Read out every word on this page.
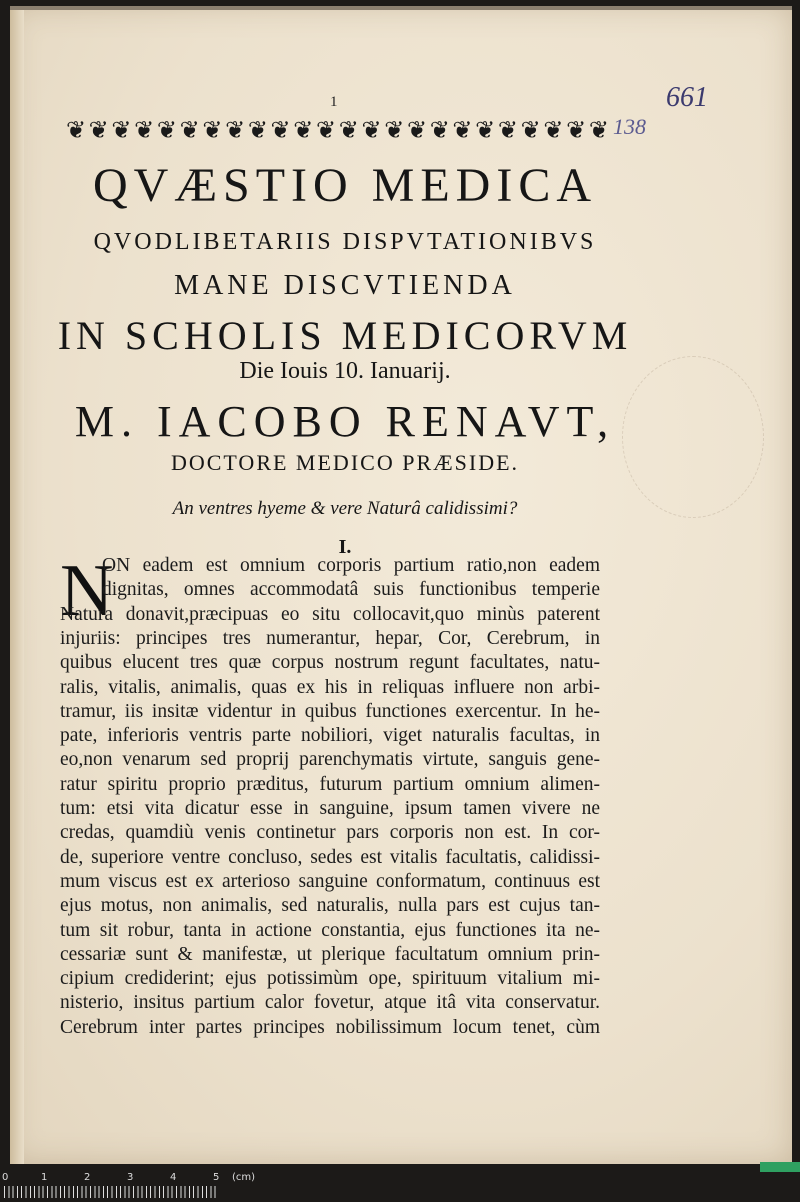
1	661
138
❦ ❦ ❦ ❦ ❦ ❦ ❦ ❦ ❦ ❦ ❦ ❦ ❦ ❦ ❦ ❦ ❦ ❦ ❦ ❦ ❦ ❦ ❦ ❦
QVÆSTIO MEDICA
QVODLIBETARIIS DISPVTATIONIBVS
MANE DISCVTIENDA
IN SCHOLIS MEDICORVM
Die Iouis 10. Ianuarij.
M. IACOBO RENAVT,
DOCTORE MEDICO PRÆSIDE.
An ventres hyeme & vere Naturâ calidissimi?
I.
N
ON eadem est omnium corporis partium ratio,non eadem
dignitas, omnes accommodatâ suis functionibus temperie
Natura donavit,præcipuas eo situ collocavit,quo minùs paterent
injuriis: principes tres numerantur, hepar, Cor, Cerebrum, in
quibus elucent tres quæ corpus nostrum regunt facultates, natu-
ralis, vitalis, animalis, quas ex his in reliquas influere non arbi-
tramur, iis insitæ videntur in quibus functiones exercentur. In he-
pate, inferioris ventris parte nobiliori, viget naturalis facultas, in
eo,non venarum sed proprij parenchymatis virtute, sanguis gene-
ratur spiritu proprio præditus, futurum partium omnium alimen-
tum: etsi vita dicatur esse in sanguine, ipsum tamen vivere ne
credas, quamdiù venis continetur pars corporis non est. In cor-
de, superiore ventre concluso, sedes est vitalis facultatis, calidissi-
mum viscus est ex arterioso sanguine conformatum, continuus est
ejus motus, non animalis, sed naturalis, nulla pars est cujus tan-
tum sit robur, tanta in actione constantia, ejus functiones ita ne-
cessariæ sunt & manifestæ, ut plerique facultatum omnium prin-
cipium crediderint; ejus potissimùm ope, spirituum vitalium mi-
nisterio, insitus partium calor fovetur, atque itâ vita conservatur.
Cerebrum inter partes principes nobilissimum locum tenet, cùm
0	1	2	3	4	5 (cm)
